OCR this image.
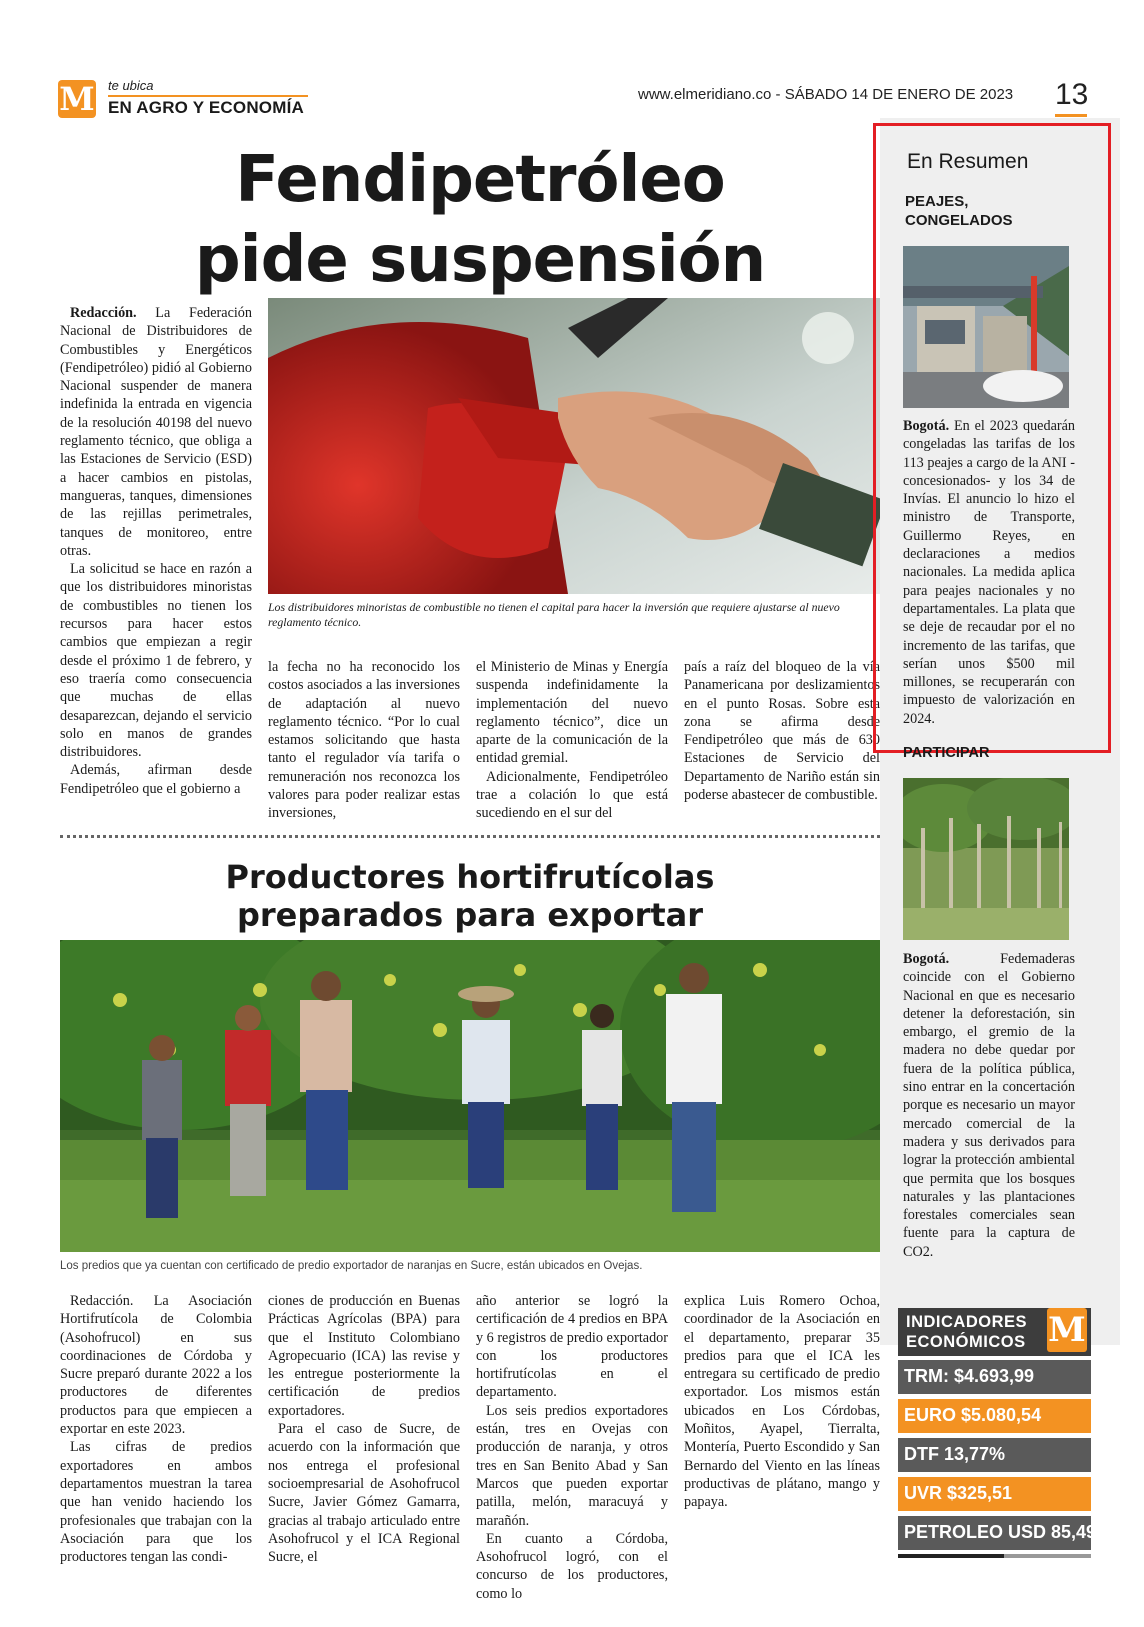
M te ubica
EN AGRO Y ECONOMÍA
www.elmeridiano.co - SÁBADO 14 DE ENERO DE 2023 13
Fendipetróleo
pide suspensión

Redacción. La Federación Nacional de Distribuidores de Combustibles y Energéticos (Fendipetróleo) pidió al Gobierno Nacional suspender de manera indefinida la entrada en vigencia de la resolución 40198 del nuevo reglamento técnico, que obliga a las Estaciones de Servicio (ESD) a hacer cambios en pistolas, mangueras, tanques, dimensiones de las rejillas perimetrales, tanques de monitoreo, entre otras.

La solicitud se hace en razón a que los distribuidores minoristas de combustibles no tienen los recursos para hacer estos cambios que empiezan a regir desde el próximo 1 de febrero, y eso traería como consecuencia que muchas de ellas desaparezcan, dejando el servicio solo en manos de grandes distribuidores.

Además, afirman desde Fendipetróleo que el gobierno a

Los distribuidores minoristas de combustible no tienen el capital para hacer la inversión que requiere ajustarse al nuevo reglamento técnico.

la fecha no ha reconocido los costos asociados a las inversiones de adaptación al nuevo reglamento técnico. “Por lo cual estamos solicitando que hasta tanto el regulador vía tarifa o remuneración nos reconozca los valores para poder realizar estas inversiones,

el Ministerio de Minas y Energía suspenda indefinidamente la implementación del nuevo reglamento técnico”, dice un aparte de la comunicación de la entidad gremial.

Adicionalmente, Fendipetróleo trae a colación lo que está sucediendo en el sur del

país a raíz del bloqueo de la vía Panamericana por deslizamientos en el punto Rosas. Sobre esta zona se afirma desde Fendipetróleo que más de 630 Estaciones de Servicio del Departamento de Nariño están sin poderse abastecer de combustible.

Productores hortifrutícolas
preparados para exportar
Los predios que ya cuentan con certificado de predio exportador de naranjas en Sucre, están ubicados en Ovejas.

Redacción. La Asociación Hortifrutícola de Colombia (Asohofrucol) en sus coordinaciones de Córdoba y Sucre preparó durante 2022 a los productores de diferentes productos para que empiecen a exportar en este 2023.

Las cifras de predios exportadores en ambos departamentos muestran la tarea que han venido haciendo los profesionales que trabajan con la Asociación para que los productores tengan las condi-

ciones de producción en Buenas Prácticas Agrícolas (BPA) para que el Instituto Colombiano Agropecuario (ICA) las revise y les entregue posteriormente la certificación de predios exportadores.

Para el caso de Sucre, de acuerdo con la información que nos entrega el profesional socioempresarial de Asohofrucol Sucre, Javier Gómez Gamarra, gracias al trabajo articulado entre Asohofrucol y el ICA Regional Sucre, el

año anterior se logró la certificación de 4 predios en BPA y 6 registros de predio exportador con los productores hortifrutícolas en el departamento.

Los seis predios exportadores están, tres en Ovejas con producción de naranja, y otros tres en San Benito Abad y San Marcos que pueden exportar patilla, melón, maracuyá y marañón.

En cuanto a Córdoba, Asohofrucol logró, con el concurso de los productores, como lo

explica Luis Romero Ochoa, coordinador de la Asociación en el departamento, preparar 35 predios para que el ICA les entregara su certificado de predio exportador. Los mismos están ubicados en Los Córdobas, Moñitos, Ayapel, Tierralta, Montería, Puerto Escondido y San Bernardo del Viento en las líneas productivas de plátano, mango y papaya.

En Resumen
PEAJES,
CONGELADOS

Bogotá. En el 2023 quedarán congeladas las tarifas de los 113 peajes a cargo de la ANI -concesionados- y los 34 de Invías. El anuncio lo hizo el ministro de Transporte, Guillermo Reyes, en declaraciones a medios nacionales. La medida aplica para peajes nacionales y no departamentales. La plata que se deje de recaudar por el no incremento de las tarifas, que serían unos $500 mil millones, se recuperarán con impuesto de valorización en 2024.

PARTICIPAR

Bogotá. Fedemaderas coincide con el Gobierno Nacional en que es necesario detener la deforestación, sin embargo, el gremio de la madera no debe quedar por fuera de la política pública, sino entrar en la concertación porque es necesario un mayor mercado comercial de la madera y sus derivados para lograr la protección ambiental que permita que los bosques naturales y las plantaciones forestales comerciales sean fuente para la captura de CO2.

INDICADORES
ECONÓMICOS M
TRM: $4.693,99
EURO $5.080,54
DTF 13,77%
UVR $325,51
PETROLEO USD 85,49
